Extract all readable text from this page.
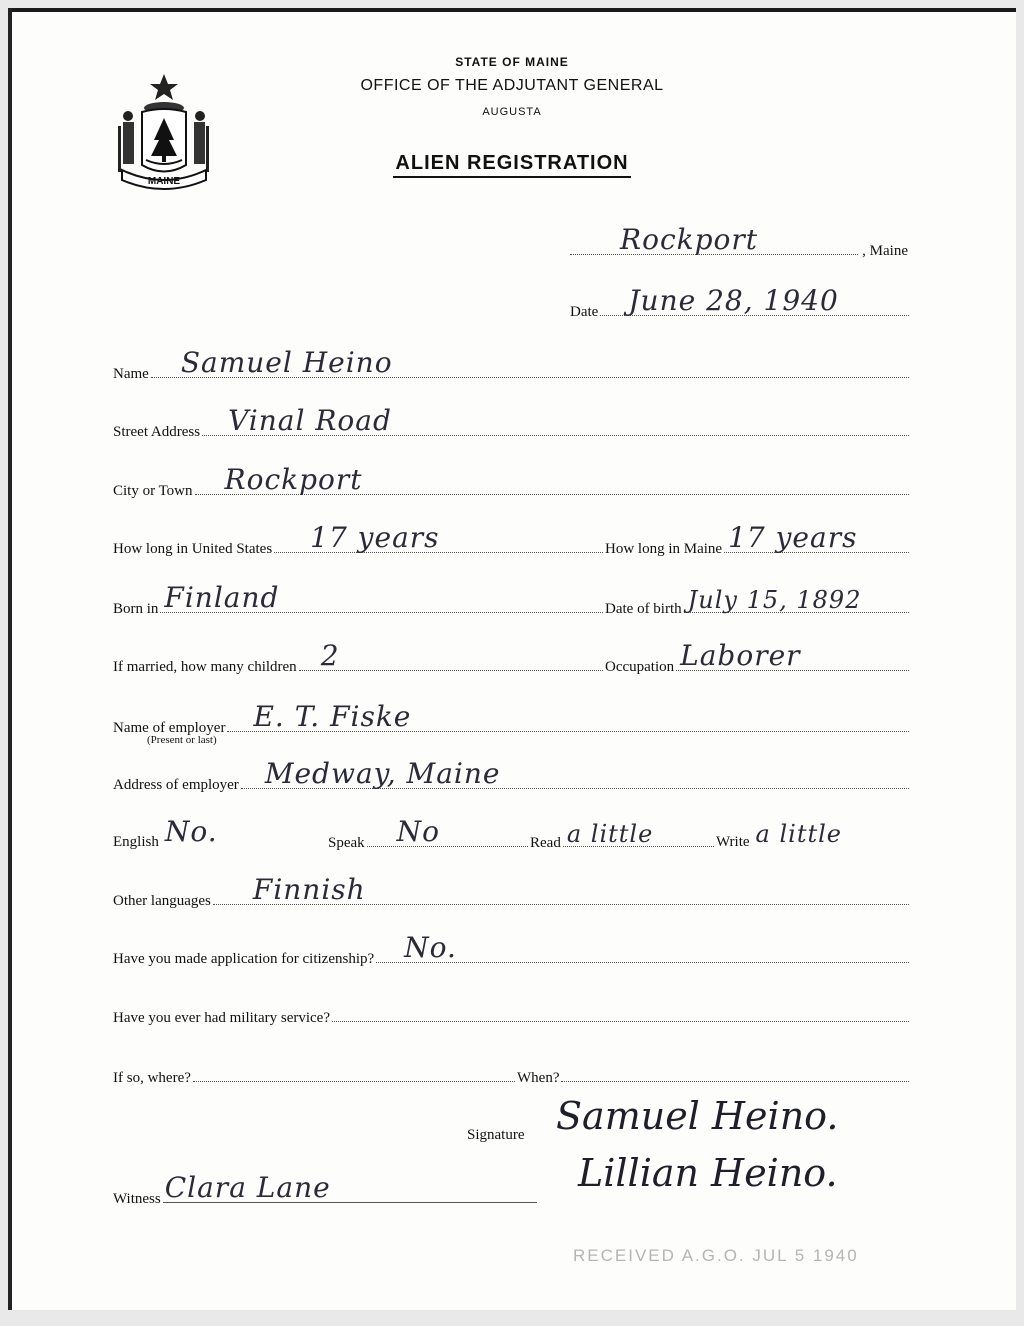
MAINE
STATE OF MAINE
OFFICE OF THE ADJUTANT GENERAL
AUGUSTA
ALIEN REGISTRATION
Rockport	, Maine
Date June 28, 1940
Name Samuel Heino
Street Address Vinal Road
City or Town Rockport
How long in United States 17 years	How long in Maine 17 years
Born in Finland	Date of birth July 15, 1892
If married, how many children 2	Occupation Laborer
Name of employer E. T. Fiske
(Present or last)
Address of employer Medway, Maine
English No.	Speak No	Read a little	Write a little
Other languages Finnish
Have you made application for citizenship? No.
Have you ever had military service?
If so, where?	When?
Signature Samuel Heino.
Lillian Heino.
Witness Clara Lane
RECEIVED A.G.O. JUL 5 1940
